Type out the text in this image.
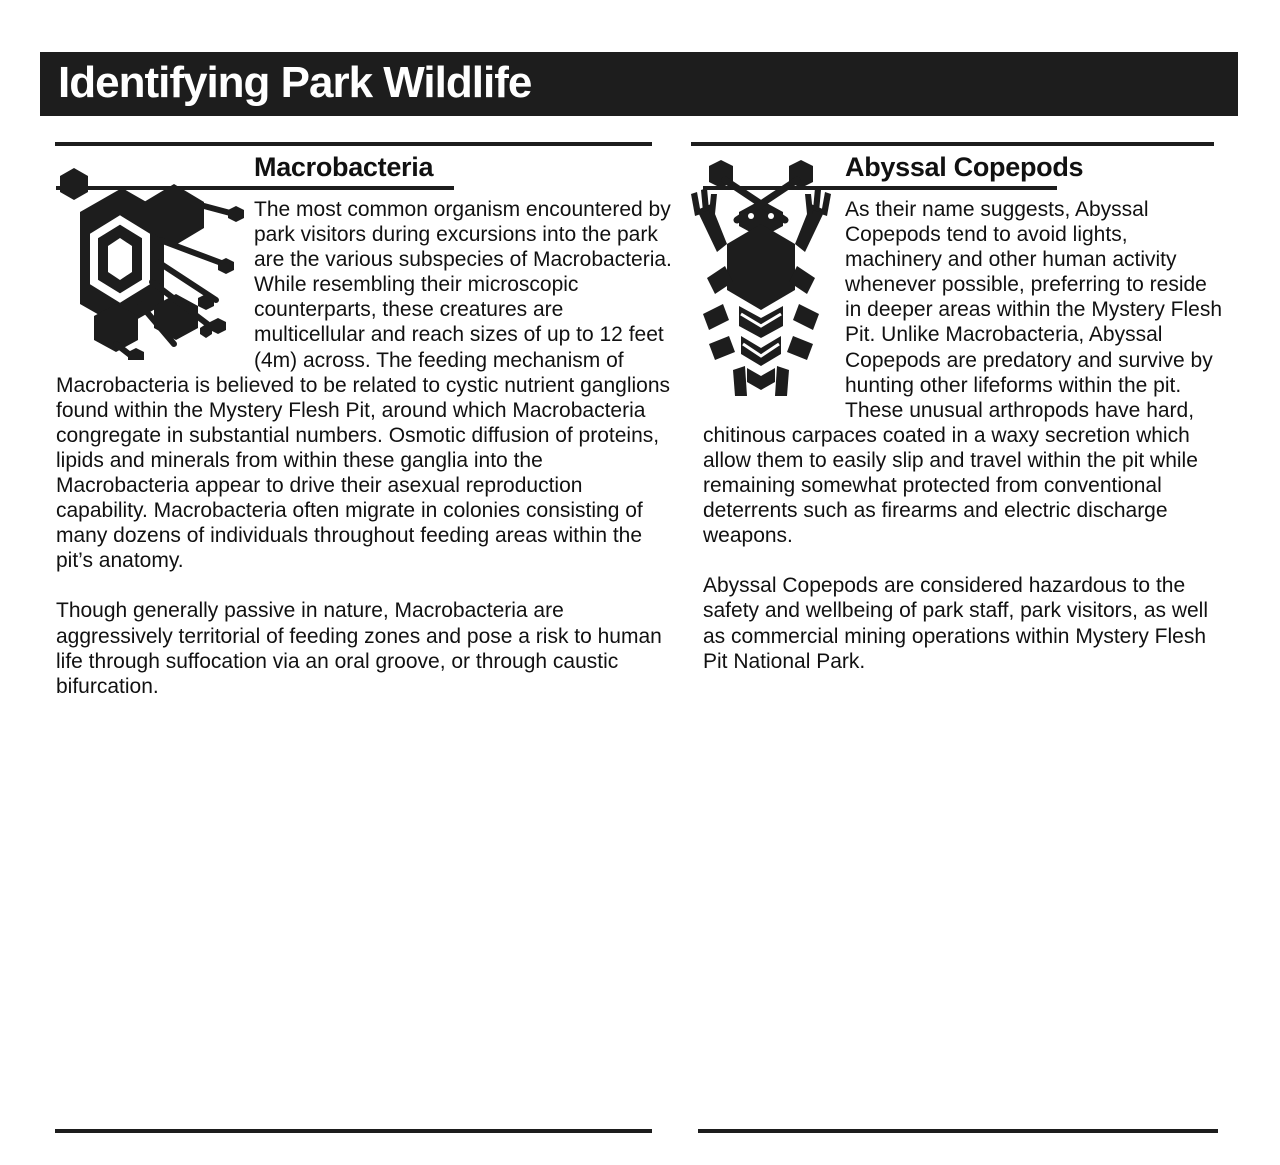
Identifying Park Wildlife
Macrobacteria

The most common organism encountered by park visitors during excursions into the park are the various subspecies of Macrobacteria. While resembling their microscopic counterparts, these creatures are multicellular and reach sizes of up to 12 feet (4m) across. The feeding mechanism of Macrobacteria is believed to be related to cystic nutrient ganglions found within the Mystery Flesh Pit, around which Macrobacteria congregate in substantial numbers. Osmotic diffusion of proteins, lipids and minerals from within these ganglia into the Macrobacteria appear to drive their asexual reproduction capability. Macrobacteria often migrate in colonies consisting of many dozens of individuals throughout feeding areas within the pit’s anatomy.

Though generally passive in nature, Macrobacteria are aggressively territorial of feeding zones and pose a risk to human life through suffocation via an oral groove, or through caustic bifurcation.

Abyssal Copepods

As their name suggests, Abyssal Copepods tend to avoid lights, machinery and other human activity whenever possible, preferring to reside in deeper areas within the Mystery Flesh Pit. Unlike Macrobacteria, Abyssal Copepods are predatory and survive by hunting other lifeforms within the pit. These unusual arthropods have hard, chitinous carpaces coated in a waxy secretion which allow them to easily slip and travel within the pit while remaining somewhat protected from conventional deterrents such as firearms and electric discharge weapons.

Abyssal Copepods are considered hazardous to the safety and wellbeing of park staff, park visitors, as well as commercial mining operations within Mystery Flesh Pit National Park.
